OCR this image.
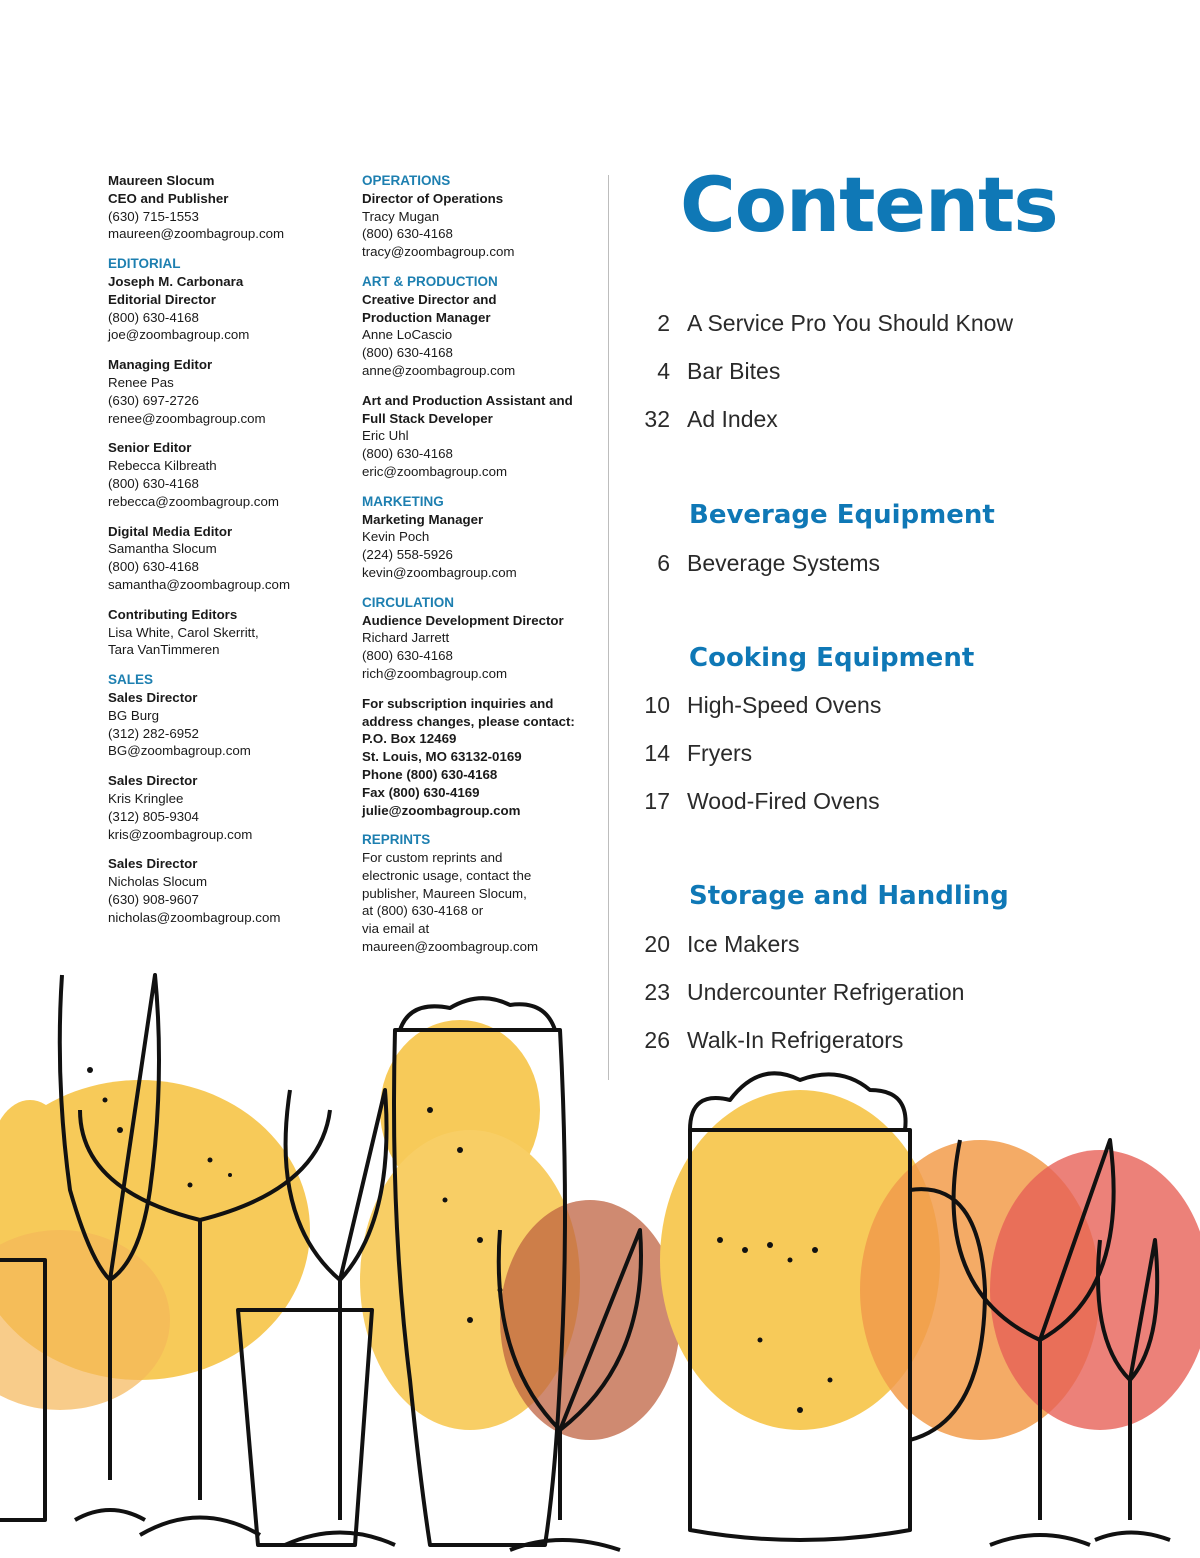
Maureen Slocum
CEO and Publisher
(630) 715-1553
maureen@zoombagroup.com
EDITORIAL
Joseph M. Carbonara
Editorial Director
(800) 630-4168
joe@zoombagroup.com
Managing Editor
Renee Pas
(630) 697-2726
renee@zoombagroup.com
Senior Editor
Rebecca Kilbreath
(800) 630-4168
rebecca@zoombagroup.com
Digital Media Editor
Samantha Slocum
(800) 630-4168
samantha@zoombagroup.com
Contributing Editors
Lisa White, Carol Skerritt,
Tara VanTimmeren
SALES
Sales Director
BG Burg
(312) 282-6952
BG@zoombagroup.com
Sales Director
Kris Kringlee
(312) 805-9304
kris@zoombagroup.com
Sales Director
Nicholas Slocum
(630) 908-9607
nicholas@zoombagroup.com
OPERATIONS
Director of Operations
Tracy Mugan
(800) 630-4168
tracy@zoombagroup.com
ART & PRODUCTION
Creative Director and
Production Manager
Anne LoCascio
(800) 630-4168
anne@zoombagroup.com
Art and Production Assistant and
Full Stack Developer
Eric Uhl
(800) 630-4168
eric@zoombagroup.com
MARKETING
Marketing Manager
Kevin Poch
(224) 558-5926
kevin@zoombagroup.com
CIRCULATION
Audience Development Director
Richard Jarrett
(800) 630-4168
rich@zoombagroup.com
For subscription inquiries and
address changes, please contact:
P.O. Box 12469
St. Louis, MO 63132-0169
Phone (800) 630-4168
Fax (800) 630-4169
julie@zoombagroup.com
REPRINTS
For custom reprints and
electronic usage, contact the
publisher, Maureen Slocum,
at (800) 630-4168 or
via email at
maureen@zoombagroup.com
Contents
2 A Service Pro You Should Know
4 Bar Bites
32 Ad Index
Beverage Equipment
6 Beverage Systems
Cooking Equipment
10 High-Speed Ovens
14 Fryers
17 Wood-Fired Ovens
Storage and Handling
20 Ice Makers
23 Undercounter Refrigeration
26 Walk-In Refrigerators
